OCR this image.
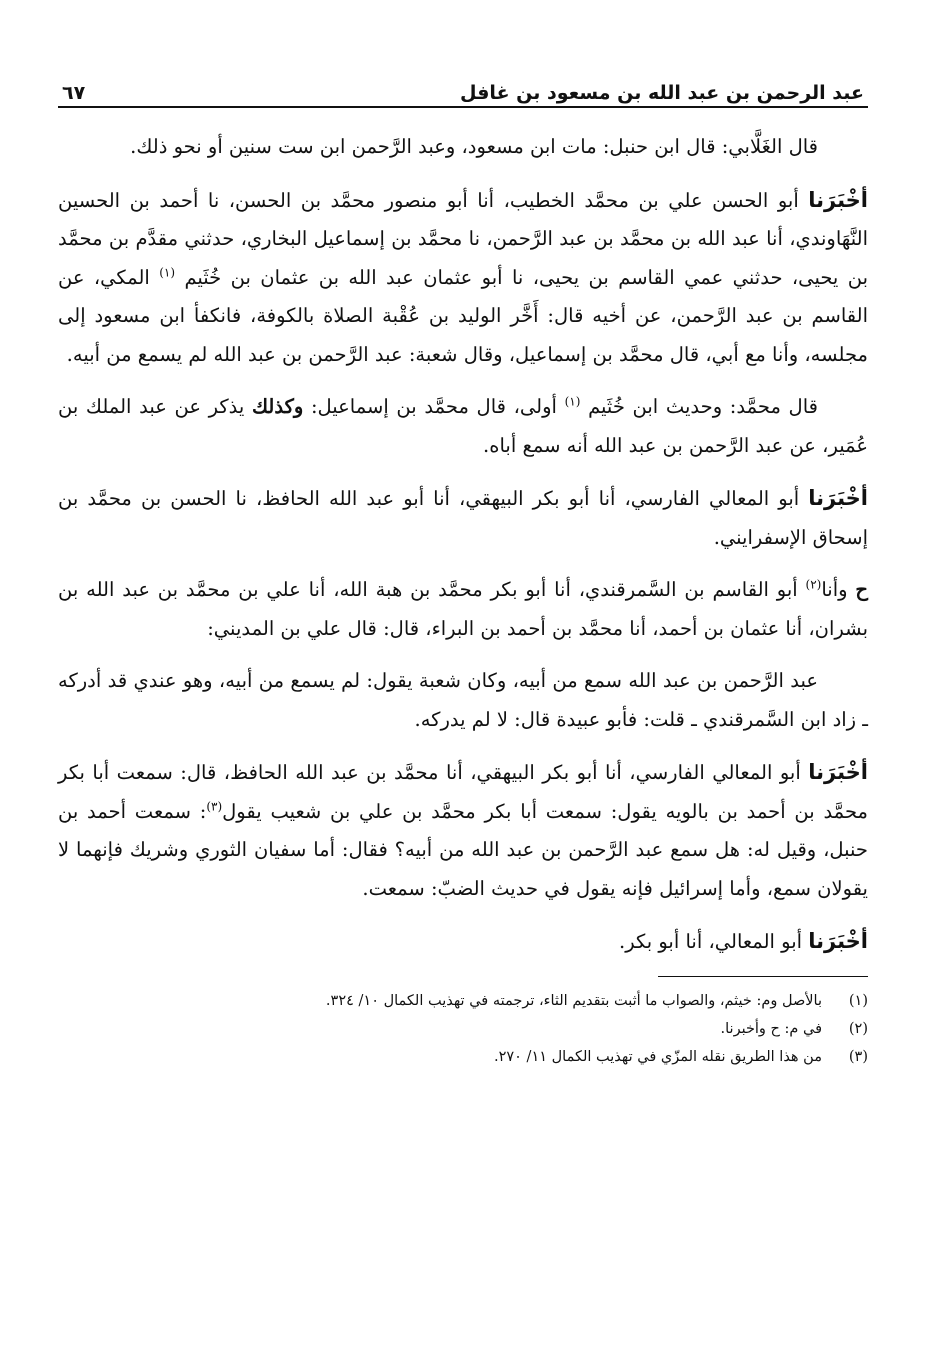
عبد الرحمن بن عبد الله بن مسعود بن غافل
٦٧

قال الغَلَّابي: قال ابن حنبل: مات ابن مسعود، وعبد الرَّحمن ابن ست سنين أو نحو ذلك.

أخْبَرَنا أبو الحسن علي بن محمَّد الخطيب، أنا أبو منصور محمَّد بن الحسن، نا أحمد بن الحسين النَّهَاوندي، أنا عبد الله بن محمَّد بن عبد الرَّحمن، نا محمَّد بن إسماعيل البخاري، حدثني مقدَّم بن محمَّد بن يحيى، حدثني عمي القاسم بن يحيى، نا أبو عثمان عبد الله بن عثمان بن خُثَيم $^{(١)}$ المكي، عن القاسم بن عبد الرَّحمن، عن أخيه قال: أَخَّر الوليد بن عُقْبة الصلاة بالكوفة، فانكفأ ابن مسعود إلى مجلسه، وأنا مع أبي، قال محمَّد بن إسماعيل، وقال شعبة: عبد الرَّحمن بن عبد الله لم يسمع من أبيه.

قال محمَّد: وحديث ابن خُثَيم $^{(١)}$ أولى، قال محمَّد بن إسماعيل: وكذلك يذكر عن عبد الملك بن عُمَير، عن عبد الرَّحمن بن عبد الله أنه سمع أباه.

أخْبَرَنا أبو المعالي الفارسي، أنا أبو بكر البيهقي، أنا أبو عبد الله الحافظ، نا الحسن بن محمَّد بن إسحاق الإسفرايني.

ح وأنا$^{(٢)}$ أبو القاسم بن السَّمرقندي، أنا أبو بكر محمَّد بن هبة الله، أنا علي بن محمَّد بن عبد الله بن بشران، أنا عثمان بن أحمد، أنا محمَّد بن أحمد بن البراء، قال: قال علي بن المديني:

عبد الرَّحمن بن عبد الله سمع من أبيه، وكان شعبة يقول: لم يسمع من أبيه، وهو عندي قد أدركه ـ زاد ابن السَّمرقندي ـ قلت: فأبو عبيدة قال: لا لم يدركه.

أخْبَرَنا أبو المعالي الفارسي، أنا أبو بكر البيهقي، أنا محمَّد بن عبد الله الحافظ، قال: سمعت أبا بكر محمَّد بن أحمد بن بالويه يقول: سمعت أبا بكر محمَّد بن علي بن شعيب يقول$^{(٣)}$: سمعت أحمد بن حنبل، وقيل له: هل سمع عبد الرَّحمن بن عبد الله من أبيه؟ فقال: أما سفيان الثوري وشريك فإنهما لا يقولان سمع، وأما إسرائيل فإنه يقول في حديث الضبّ: سمعت.

أخْبَرَنا أبو المعالي، أنا أبو بكر.

(١)
بالأصل وم: خيثم، والصواب ما أثبت بتقديم الثاء، ترجمته في تهذيب الكمال ١٠/ ٣٢٤.
(٢)
في م: ح وأخبرنا.
(٣)
من هذا الطريق نقله المزّي في تهذيب الكمال ١١/ ٢٧٠.
